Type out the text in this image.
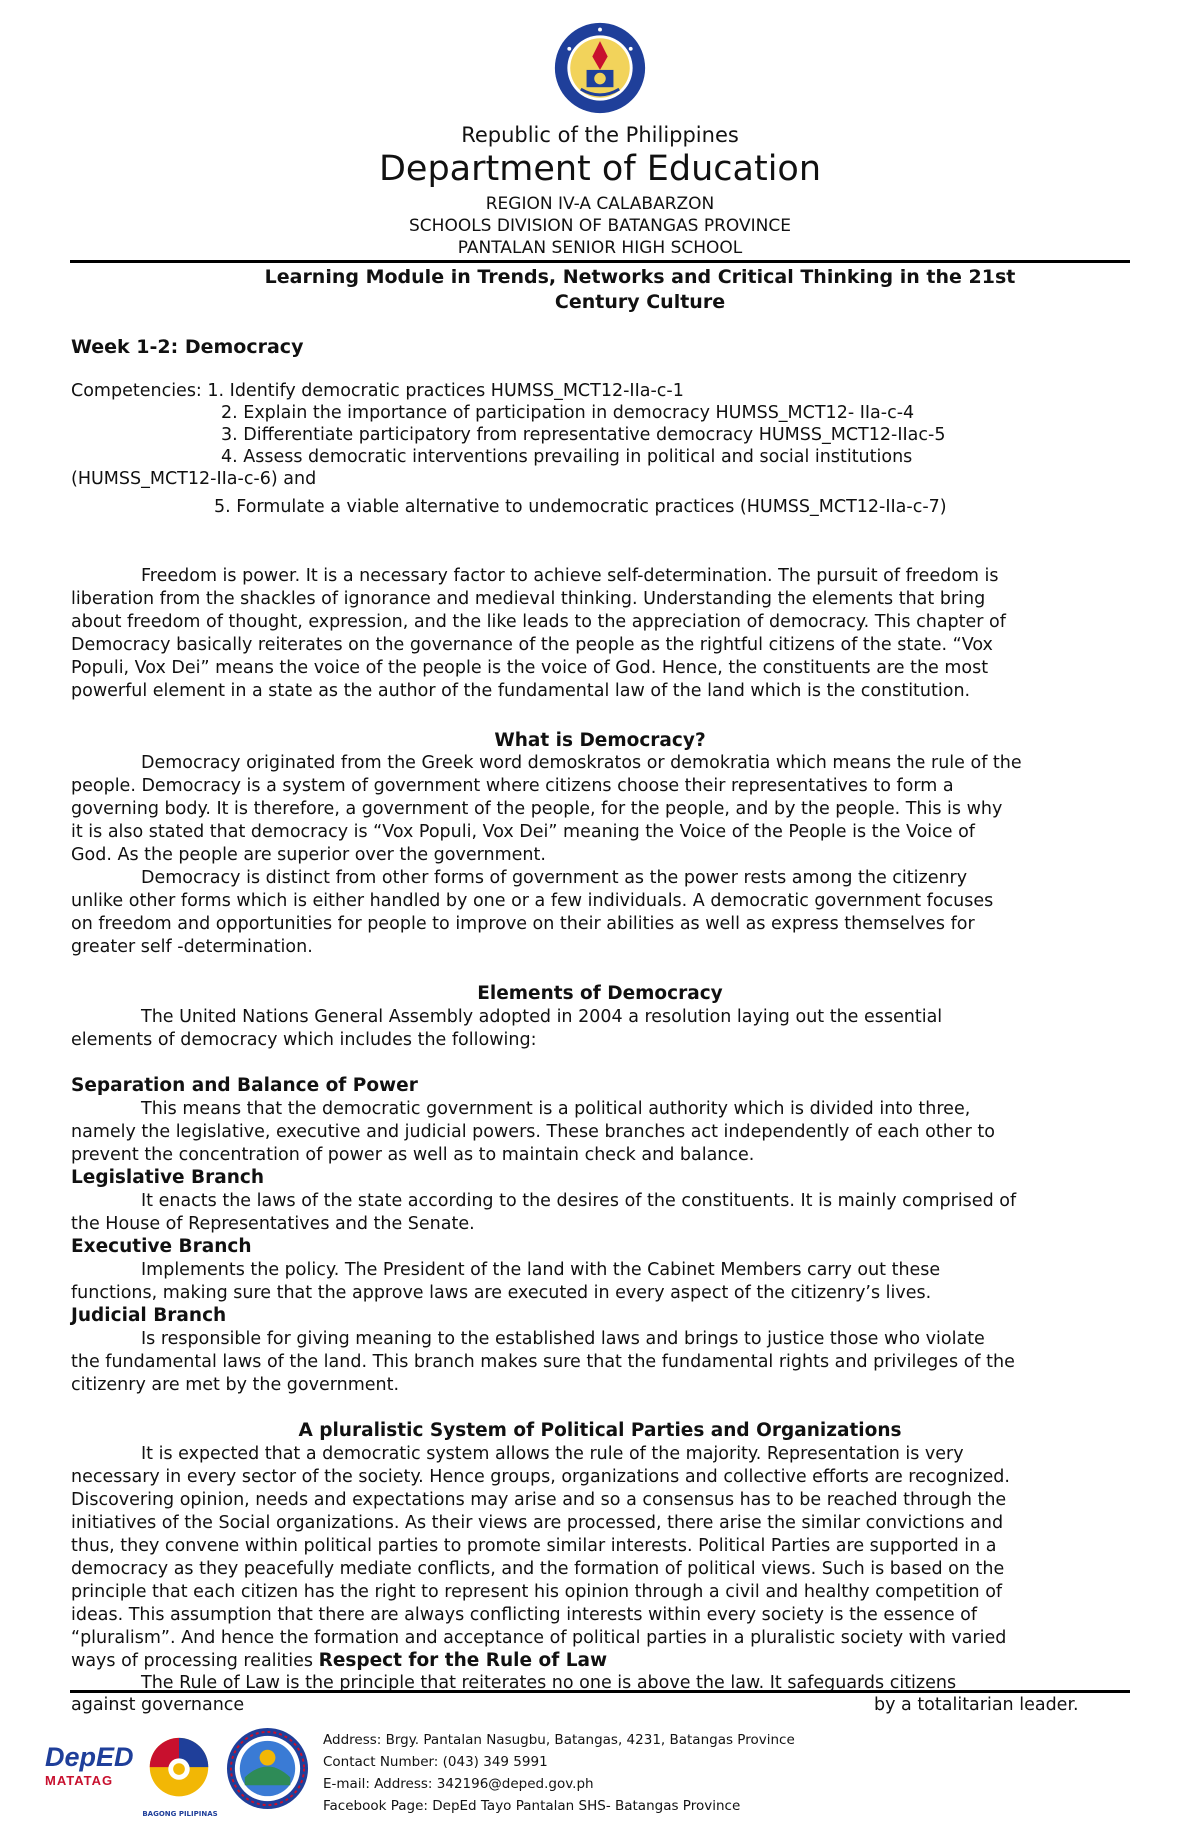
Republic of the Philippines
Department of Education
REGION IV-A CALABARZON
SCHOOLS DIVISION OF BATANGAS PROVINCE
PANTALAN SENIOR HIGH SCHOOL
Learning Module in Trends, Networks and Critical Thinking in the 21st
Century Culture
Week 1-2: Democracy
Competencies: 1. Identify democratic practices HUMSS_MCT12-IIa-c-1
2. Explain the importance of participation in democracy HUMSS_MCT12- IIa-c-4
3. Differentiate participatory from representative democracy HUMSS_MCT12-IIac-5
4. Assess democratic interventions prevailing in political and social institutions
(HUMSS_MCT12-IIa-c-6) and
5. Formulate a viable alternative to undemocratic practices (HUMSS_MCT12-IIa-c-7)
Freedom is power. It is a necessary factor to achieve self-determination. The pursuit of freedom is
liberation from the shackles of ignorance and medieval thinking. Understanding the elements that bring
about freedom of thought, expression, and the like leads to the appreciation of democracy. This chapter of
Democracy basically reiterates on the governance of the people as the rightful citizens of the state. “Vox
Populi, Vox Dei” means the voice of the people is the voice of God. Hence, the constituents are the most
powerful element in a state as the author of the fundamental law of the land which is the constitution.
What is Democracy?
Democracy originated from the Greek word demoskratos or demokratia which means the rule of the
people. Democracy is a system of government where citizens choose their representatives to form a
governing body. It is therefore, a government of the people, for the people, and by the people. This is why
it is also stated that democracy is “Vox Populi, Vox Dei” meaning the Voice of the People is the Voice of
God. As the people are superior over the government.
Democracy is distinct from other forms of government as the power rests among the citizenry
unlike other forms which is either handled by one or a few individuals. A democratic government focuses
on freedom and opportunities for people to improve on their abilities as well as express themselves for
greater self -determination.
Elements of Democracy
The United Nations General Assembly adopted in 2004 a resolution laying out the essential
elements of democracy which includes the following:
Separation and Balance of Power
This means that the democratic government is a political authority which is divided into three,
namely the legislative, executive and judicial powers. These branches act independently of each other to
prevent the concentration of power as well as to maintain check and balance.
Legislative Branch
It enacts the laws of the state according to the desires of the constituents. It is mainly comprised of
the House of Representatives and the Senate.
Executive Branch
Implements the policy. The President of the land with the Cabinet Members carry out these
functions, making sure that the approve laws are executed in every aspect of the citizenry’s lives.
Judicial Branch
Is responsible for giving meaning to the established laws and brings to justice those who violate
the fundamental laws of the land. This branch makes sure that the fundamental rights and privileges of the
citizenry are met by the government.
A pluralistic System of Political Parties and Organizations
It is expected that a democratic system allows the rule of the majority. Representation is very
necessary in every sector of the society. Hence groups, organizations and collective efforts are recognized.
Discovering opinion, needs and expectations may arise and so a consensus has to be reached through the
initiatives of the Social organizations. As their views are processed, there arise the similar convictions and
thus, they convene within political parties to promote similar interests. Political Parties are supported in a
democracy as they peacefully mediate conflicts, and the formation of political views. Such is based on the
principle that each citizen has the right to represent his opinion through a civil and healthy competition of
ideas. This assumption that there are always conflicting interests within every society is the essence of
“pluralism”. And hence the formation and acceptance of political parties in a pluralistic society with varied
ways of processing realities Respect for the Rule of Law
The Rule of Law is the principle that reiterates no one is above the law. It safeguards citizens
against governance	by a totalitarian leader.
DepED
MATATAG
BAGONG PILIPINAS
Address: Brgy. Pantalan Nasugbu, Batangas, 4231, Batangas Province
Contact Number: (043) 349 5991
E-mail: Address: 342196@deped.gov.ph
Facebook Page: DepEd Tayo Pantalan SHS- Batangas Province
